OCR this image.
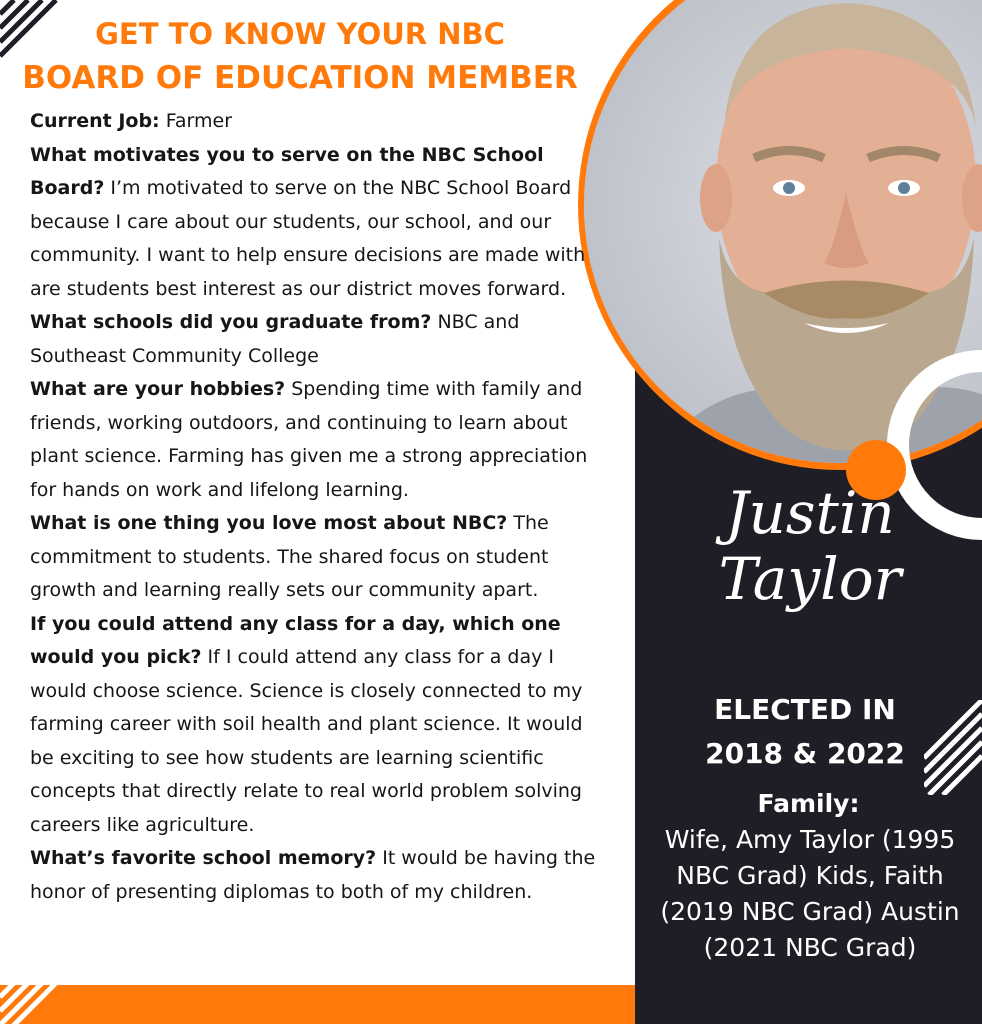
GET TO KNOW YOUR NBC
BOARD OF EDUCATION MEMBER

Current Job: Farmer

What motivates you to serve on the NBC School Board? I’m motivated to serve on the NBC School Board because I care about our students, our school, and our community. I want to help ensure decisions are made with are students best interest as our district moves forward.

What schools did you graduate from? NBC and Southeast Community College

What are your hobbies? Spending time with family and friends, working outdoors, and continuing to learn about plant science. Farming has given me a strong appreciation for hands on work and lifelong learning.

What is one thing you love most about NBC? The commitment to students. The shared focus on student growth and learning really sets our community apart.

If you could attend any class for a day, which one would you pick? If I could attend any class for a day I would choose science. Science is closely connected to my farming career with soil health and plant science. It would be exciting to see how students are learning scientific concepts that directly relate to real world problem solving careers like agriculture.

What’s favorite school memory? It would be having the honor of presenting diplomas to both of my children.

Justin
Taylor
ELECTED IN
2018 & 2022
Family:
Wife, Amy Taylor (1995 NBC Grad) Kids, Faith (2019 NBC Grad) Austin (2021 NBC Grad)
